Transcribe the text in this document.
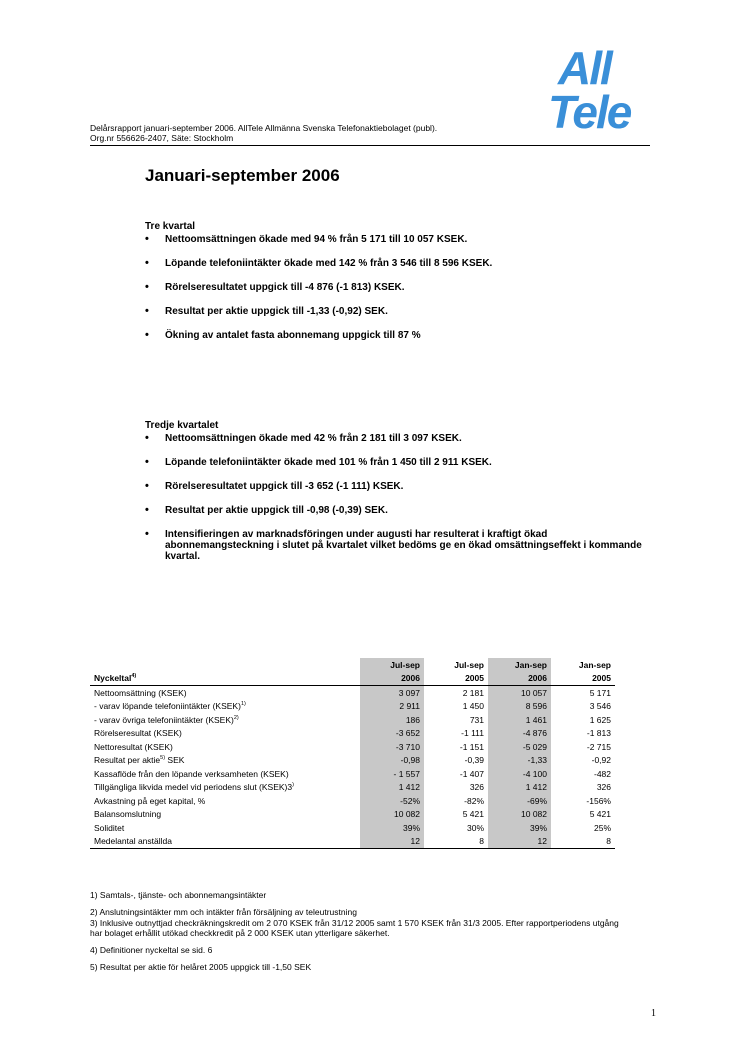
All
Tele
Delårsrapport januari-september 2006. AllTele Allmänna Svenska Telefonaktiebolaget (publ).
Org.nr 556626-2407, Säte: Stockholm
Januari-september 2006
Tre kvartal
• Nettoomsättningen ökade med 94 % från 5 171 till 10 057 KSEK.
• Löpande telefoniintäkter ökade med 142 % från 3 546 till 8 596 KSEK.
• Rörelseresultatet uppgick till -4 876 (-1 813) KSEK.
• Resultat per aktie uppgick till -1,33 (-0,92) SEK.
• Ökning av antalet fasta abonnemang uppgick till 87 %
Tredje kvartalet
• Nettoomsättningen ökade med 42 % från 2 181 till 3 097 KSEK.
• Löpande telefoniintäkter ökade med 101 % från 1 450 till 2 911 KSEK.
• Rörelseresultatet uppgick till -3 652 (-1 111) KSEK.
• Resultat per aktie uppgick till -0,98 (-0,39) SEK.
• Intensifieringen av marknadsföringen under augusti har resulterat i kraftigt ökad abonnemangsteckning i slutet på kvartalet vilket bedöms ge en ökad omsättningseffekt i kommande kvartal.
	Jul-sep	Jul-sep	Jan-sep	Jan-sep
Nyckeltal$^{4)}$	2006	2005	2006	2005
Nettoomsättning (KSEK)	3 097	2 181	10 057	5 171
- varav löpande telefoniintäkter (KSEK)$^{1)}$	2 911	1 450	8 596	3 546
- varav övriga telefoniintäkter (KSEK)$^{2)}$	186	731	1 461	1 625
Rörelseresultat (KSEK)	-3 652	-1 111	-4 876	-1 813
Nettoresultat (KSEK)	-3 710	-1 151	-5 029	-2 715
Resultat per aktie$^{5)}$ SEK	-0,98	-0,39	-1,33	-0,92
Kassaflöde från den löpande verksamheten (KSEK)	- 1 557	-1 407	-4 100	-482
Tillgängliga likvida medel vid periodens slut (KSEK)3)	1 412	326	1 412	326
Avkastning på eget kapital, %	-52%	-82%	-69%	-156%
Balansomslutning	10 082	5 421	10 082	5 421
Soliditet	39%	30%	39%	25%
Medelantal anställda	12	8	12	8
1) Samtals-, tjänste- och abonnemangsintäkter
2) Anslutningsintäkter mm och intäkter från försäljning av teleutrustning
3) Inklusive outnyttjad checkräkningskredit om 2 070 KSEK från 31/12 2005 samt 1 570 KSEK från 31/3 2005. Efter rapportperiodens utgång har bolaget erhållit utökad checkkredit på 2 000 KSEK utan ytterligare säkerhet.
4) Definitioner nyckeltal se sid. 6
5) Resultat per aktie för helåret 2005 uppgick till -1,50 SEK
1
